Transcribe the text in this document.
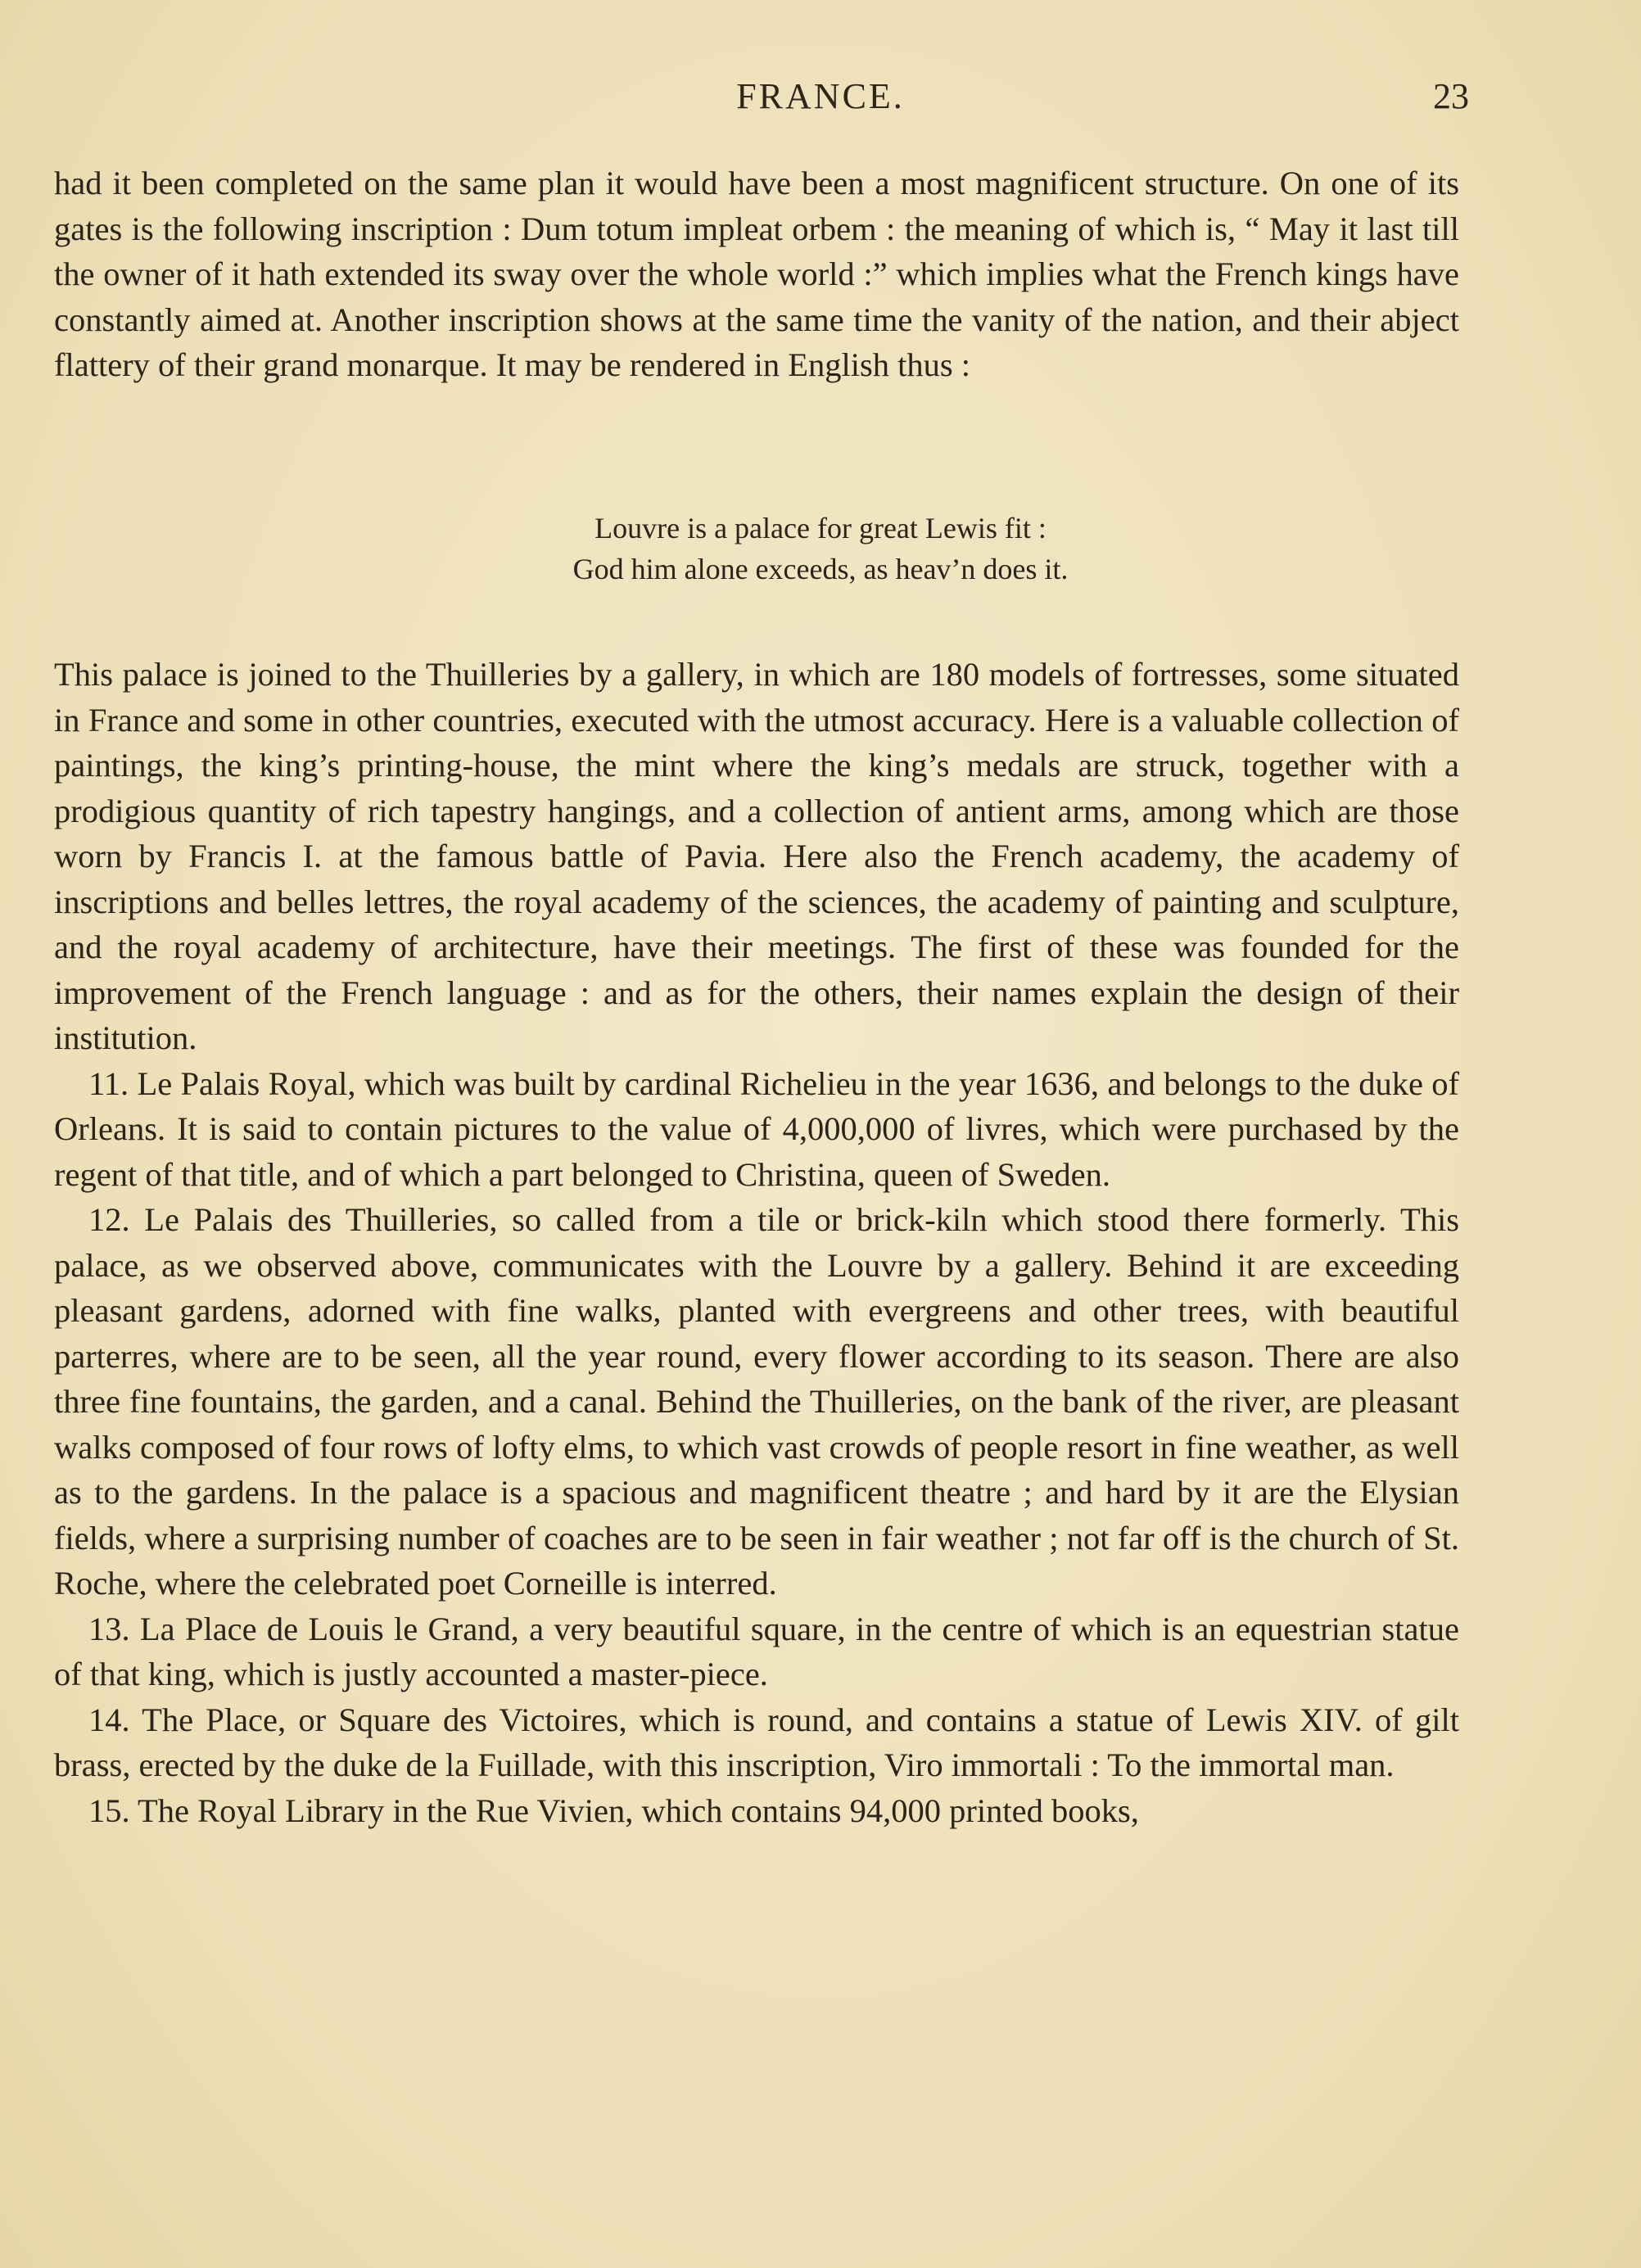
FRANCE.	23

had it been completed on the same plan it would have been a most magnificent structure. On one of its gates is the following inscription : Dum totum impleat orbem : the meaning of which is, “ May it last till the owner of it hath extended its sway over the whole world :” which implies what the French kings have constantly aimed at. Another inscription shows at the same time the vanity of the nation, and their abject flattery of their grand monarque. It may be rendered in English thus :

Louvre is a palace for great Lewis fit :
God him alone exceeds, as heav’n does it.

This palace is joined to the Thuilleries by a gallery, in which are 180 models of fortresses, some situated in France and some in other countries, executed with the utmost accuracy. Here is a valuable collection of paintings, the king’s printing-house, the mint where the king’s medals are struck, together with a prodigious quantity of rich tapestry hangings, and a collection of antient arms, among which are those worn by Francis I. at the famous battle of Pavia. Here also the French academy, the academy of inscriptions and belles lettres, the royal academy of the sciences, the academy of painting and sculpture, and the royal academy of architecture, have their meetings. The first of these was founded for the improvement of the French language : and as for the others, their names explain the design of their institution.

11. Le Palais Royal, which was built by cardinal Richelieu in the year 1636, and belongs to the duke of Orleans. It is said to contain pictures to the value of 4,000,000 of livres, which were purchased by the regent of that title, and of which a part belonged to Christina, queen of Sweden.

12. Le Palais des Thuilleries, so called from a tile or brick-kiln which stood there formerly. This palace, as we observed above, communicates with the Louvre by a gallery. Behind it are exceeding pleasant gardens, adorned with fine walks, planted with evergreens and other trees, with beautiful parterres, where are to be seen, all the year round, every flower according to its season. There are also three fine fountains, the garden, and a canal. Behind the Thuilleries, on the bank of the river, are pleasant walks composed of four rows of lofty elms, to which vast crowds of people resort in fine weather, as well as to the gardens. In the palace is a spacious and magnificent theatre ; and hard by it are the Elysian fields, where a surprising number of coaches are to be seen in fair weather ; not far off is the church of St. Roche, where the celebrated poet Corneille is interred.

13. La Place de Louis le Grand, a very beautiful square, in the centre of which is an equestrian statue of that king, which is justly accounted a master-piece.

14. The Place, or Square des Victoires, which is round, and contains a statue of Lewis XIV. of gilt brass, erected by the duke de la Fuillade, with this inscription, Viro immortali : To the immortal man.

15. The Royal Library in the Rue Vivien, which contains 94,000 printed books,
